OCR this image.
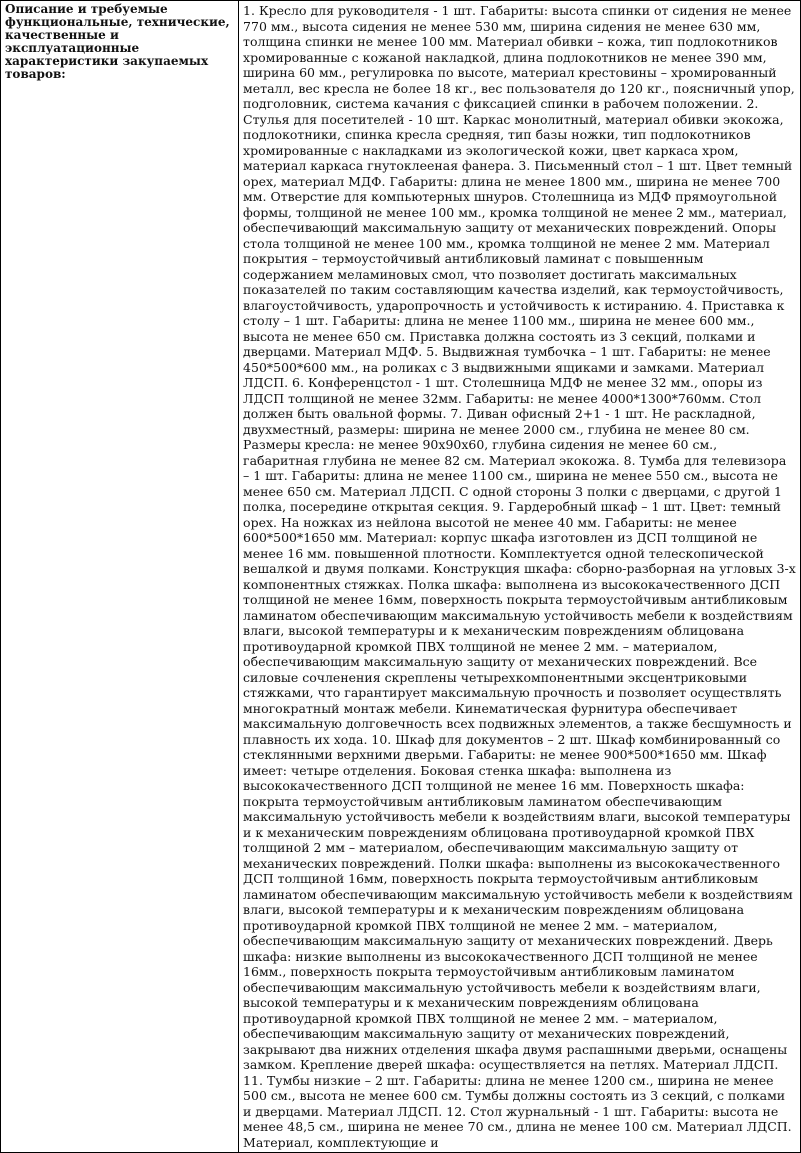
Описание и требуемые функциональные, технические, качественные и эксплуатационные характеристики закупаемых товаров:

1. Кресло для руководителя - 1 шт. Габариты: высота спинки от сидения не менее 770 мм., высота сидения не менее 530 мм, ширина сидения не менее 630 мм, толщина спинки не менее 100 мм. Материал обивки – кожа, тип подлокотников хромированные с кожаной накладкой, длина подлокотников не менее 390 мм, ширина 60 мм., регулировка по высоте, материал крестовины – хромированный металл, вес кресла не более 18 кг., вес пользователя до 120 кг., поясничный упор, подголовник, система качания с фиксацией спинки в рабочем положении. 2. Стулья для посетителей - 10 шт. Каркас монолитный, материал обивки экокожа, подлокотники, спинка кресла средняя, тип базы ножки, тип подлокотников хромированные с накладками из экологической кожи, цвет каркаса хром, материал каркаса гнутоклееная фанера. 3. Письменный стол – 1 шт. Цвет темный орех, материал МДФ. Габариты: длина не менее 1800 мм., ширина не менее 700 мм. Отверстие для компьютерных шнуров. Столешница из МДФ прямоугольной формы, толщиной не менее 100 мм., кромка толщиной не менее 2 мм., материал, обеспечивающий максимальную защиту от механических повреждений. Опоры стола толщиной не менее 100 мм., кромка толщиной не менее 2 мм. Материал покрытия – термоустойчивый антибликовый ламинат с повышенным содержанием меламиновых смол, что позволяет достигать максимальных показателей по таким составляющим качества изделий, как термоустойчивость, влагоустойчивость, ударопрочность и устойчивость к истиранию. 4. Приставка к столу – 1 шт. Габариты: длина не менее 1100 мм., ширина не менее 600 мм., высота не менее 650 см. Приставка должна состоять из 3 секций, полками и дверцами. Материал МДФ. 5. Выдвижная тумбочка – 1 шт. Габариты: не менее 450*500*600 мм., на роликах с 3 выдвижными ящиками и замками. Материал ЛДСП. 6. Конференцстол - 1 шт. Столешница МДФ не менее 32 мм., опоры из ЛДСП толщиной не менее 32мм. Габариты: не менее 4000*1300*760мм. Стол должен быть овальной формы. 7. Диван офисный 2+1 - 1 шт. Не раскладной, двухместный, размеры: ширина не менее 2000 см., глубина не менее 80 см. Размеры кресла: не менее 90х90х60, глубина сидения не менее 60 см., габаритная глубина не менее 82 см. Материал экокожа. 8. Тумба для телевизора – 1 шт. Габариты: длина не менее 1100 см., ширина не менее 550 см., высота не менее 650 см. Материал ЛДСП. С одной стороны 3 полки с дверцами, с другой 1 полка, посередине открытая секция. 9. Гардеробный шкаф – 1 шт. Цвет: темный орех. На ножках из нейлона высотой не менее 40 мм. Габариты: не менее 600*500*1650 мм. Материал: корпус шкафа изготовлен из ДСП толщиной не менее 16 мм. повышенной плотности. Комплектуется одной телескопической вешалкой и двумя полками. Конструкция шкафа: сборно-разборная на угловых 3-х компонентных стяжках. Полка шкафа: выполнена из высококачественного ДСП толщиной не менее 16мм, поверхность покрыта термоустойчивым антибликовым ламинатом обеспечивающим максимальную устойчивость мебели к воздействиям влаги, высокой температуры и к механическим повреждениям облицована противоударной кромкой ПВХ толщиной не менее 2 мм. – материалом, обеспечивающим максимальную защиту от механических повреждений. Все силовые сочленения скреплены четырехкомпонентными эксцентриковыми стяжками, что гарантирует максимальную прочность и позволяет осуществлять многократный монтаж мебели. Кинематическая фурнитура обеспечивает максимальную долговечность всех подвижных элементов, а также бесшумность и плавность их хода. 10. Шкаф для документов – 2 шт. Шкаф комбинированный со стеклянными верхними дверьми. Габариты: не менее 900*500*1650 мм. Шкаф имеет: четыре отделения. Боковая стенка шкафа: выполнена из высококачественного ДСП толщиной не менее 16 мм. Поверхность шкафа: покрыта термоустойчивым антибликовым ламинатом обеспечивающим максимальную устойчивость мебели к воздействиям влаги, высокой температуры и к механическим повреждениям облицована противоударной кромкой ПВХ толщиной 2 мм – материалом, обеспечивающим максимальную защиту от механических повреждений. Полки шкафа: выполнены из высококачественного ДСП толщиной 16мм, поверхность покрыта термоустойчивым антибликовым ламинатом обеспечивающим максимальную устойчивость мебели к воздействиям влаги, высокой температуры и к механическим повреждениям облицована противоударной кромкой ПВХ толщиной не менее 2 мм. – материалом, обеспечивающим максимальную защиту от механических повреждений. Дверь шкафа: низкие выполнены из высококачественного ДСП толщиной не менее 16мм., поверхность покрыта термоустойчивым антибликовым ламинатом обеспечивающим максимальную устойчивость мебели к воздействиям влаги, высокой температуры и к механическим повреждениям облицована противоударной кромкой ПВХ толщиной не менее 2 мм. – материалом, обеспечивающим максимальную защиту от механических повреждений, закрывают два нижних отделения шкафа двумя распашными дверьми, оснащены замком. Крепление дверей шкафа: осуществляется на петлях. Материал ЛДСП. 11. Тумбы низкие – 2 шт. Габариты: длина не менее 1200 см., ширина не менее 500 см., высота не менее 600 см. Тумбы должны состоять из 3 секций, с полками и дверцами. Материал ЛДСП. 12. Стол журнальный - 1 шт. Габариты: высота не менее 48,5 см., ширина не менее 70 см., длина не менее 100 см. Материал ЛДСП. Материал, комплектующие и
